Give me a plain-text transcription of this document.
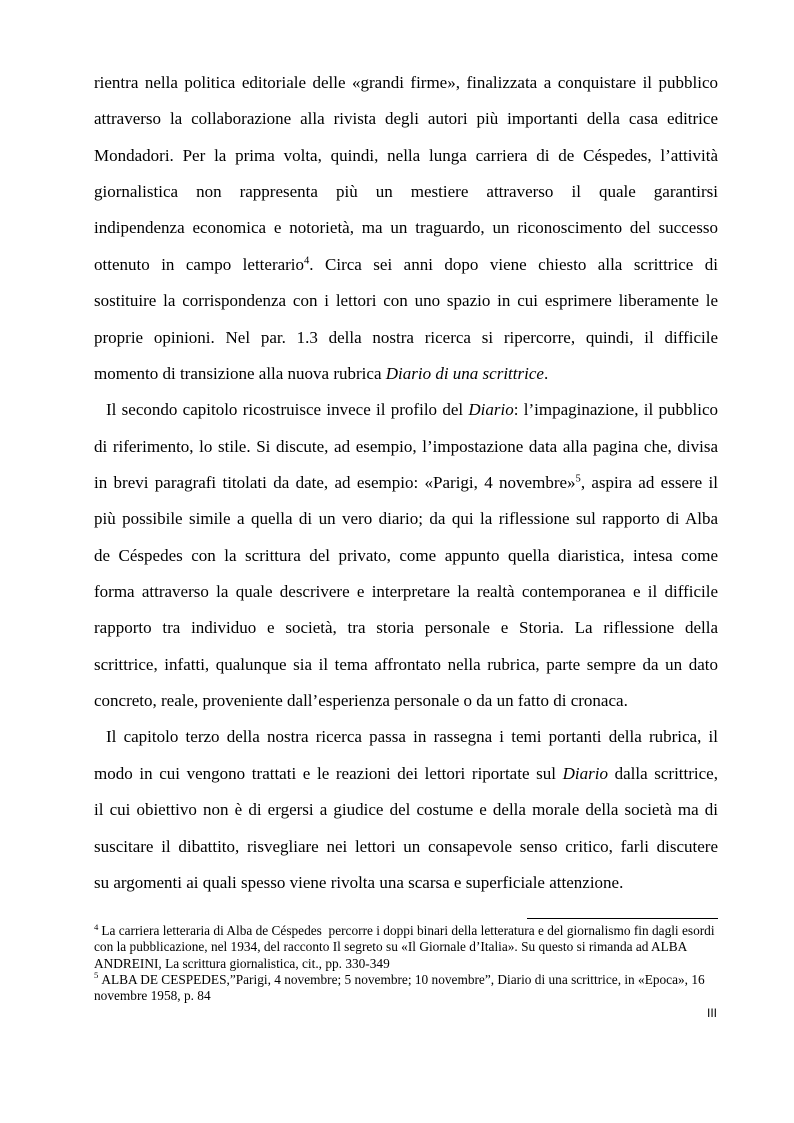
rientra nella politica editoriale delle «grandi firme», finalizzata a conquistare il pubblico
attraverso la collaborazione alla rivista degli autori più importanti della casa editrice
Mondadori. Per la prima volta, quindi, nella lunga carriera di de Céspedes, l’attività
giornalistica non rappresenta più un mestiere attraverso il quale garantirsi
indipendenza economica e notorietà, ma un traguardo, un riconoscimento del successo
ottenuto in campo letterario$^4$. Circa sei anni dopo viene chiesto alla scrittrice di
sostituire la corrispondenza con i lettori con uno spazio in cui esprimere liberamente le
proprie opinioni. Nel par. 1.3 della nostra ricerca si ripercorre, quindi, il difficile
momento di transizione alla nuova rubrica Diario di una scrittrice.
Il secondo capitolo ricostruisce invece il profilo del Diario: l’impaginazione, il pubblico
di riferimento, lo stile. Si discute, ad esempio, l’impostazione data alla pagina che, divisa
in brevi paragrafi titolati da date, ad esempio: «Parigi, 4 novembre»$^5$, aspira ad essere il
più possibile simile a quella di un vero diario; da qui la riflessione sul rapporto di Alba
de Céspedes con la scrittura del privato, come appunto quella diaristica, intesa come
forma attraverso la quale descrivere e interpretare la realtà contemporanea e il difficile
rapporto tra individuo e società, tra storia personale e Storia. La riflessione della
scrittrice, infatti, qualunque sia il tema affrontato nella rubrica, parte sempre da un dato
concreto, reale, proveniente dall’esperienza personale o da un fatto di cronaca.
Il capitolo terzo della nostra ricerca passa in rassegna i temi portanti della rubrica, il
modo in cui vengono trattati e le reazioni dei lettori riportate sul Diario dalla scrittrice,
il cui obiettivo non è di ergersi a giudice del costume e della morale della società ma di
suscitare il dibattito, risvegliare nei lettori un consapevole senso critico, farli discutere
su argomenti ai quali spesso viene rivolta una scarsa e superficiale attenzione.
$^4$ La carriera letteraria di Alba de Céspedes  percorre i doppi binari della letteratura e del giornalismo fin dagli esordi
con la pubblicazione, nel 1934, del racconto Il segreto su «Il Giornale d’Italia». Su questo si rimanda ad ALBA
ANDREINI, La scrittura giornalistica, cit., pp. 330-349
$^5$ ALBA DE CESPEDES,”Parigi, 4 novembre; 5 novembre; 10 novembre”, Diario di una scrittrice, in «Epoca», 16
novembre 1958, p. 84
III
